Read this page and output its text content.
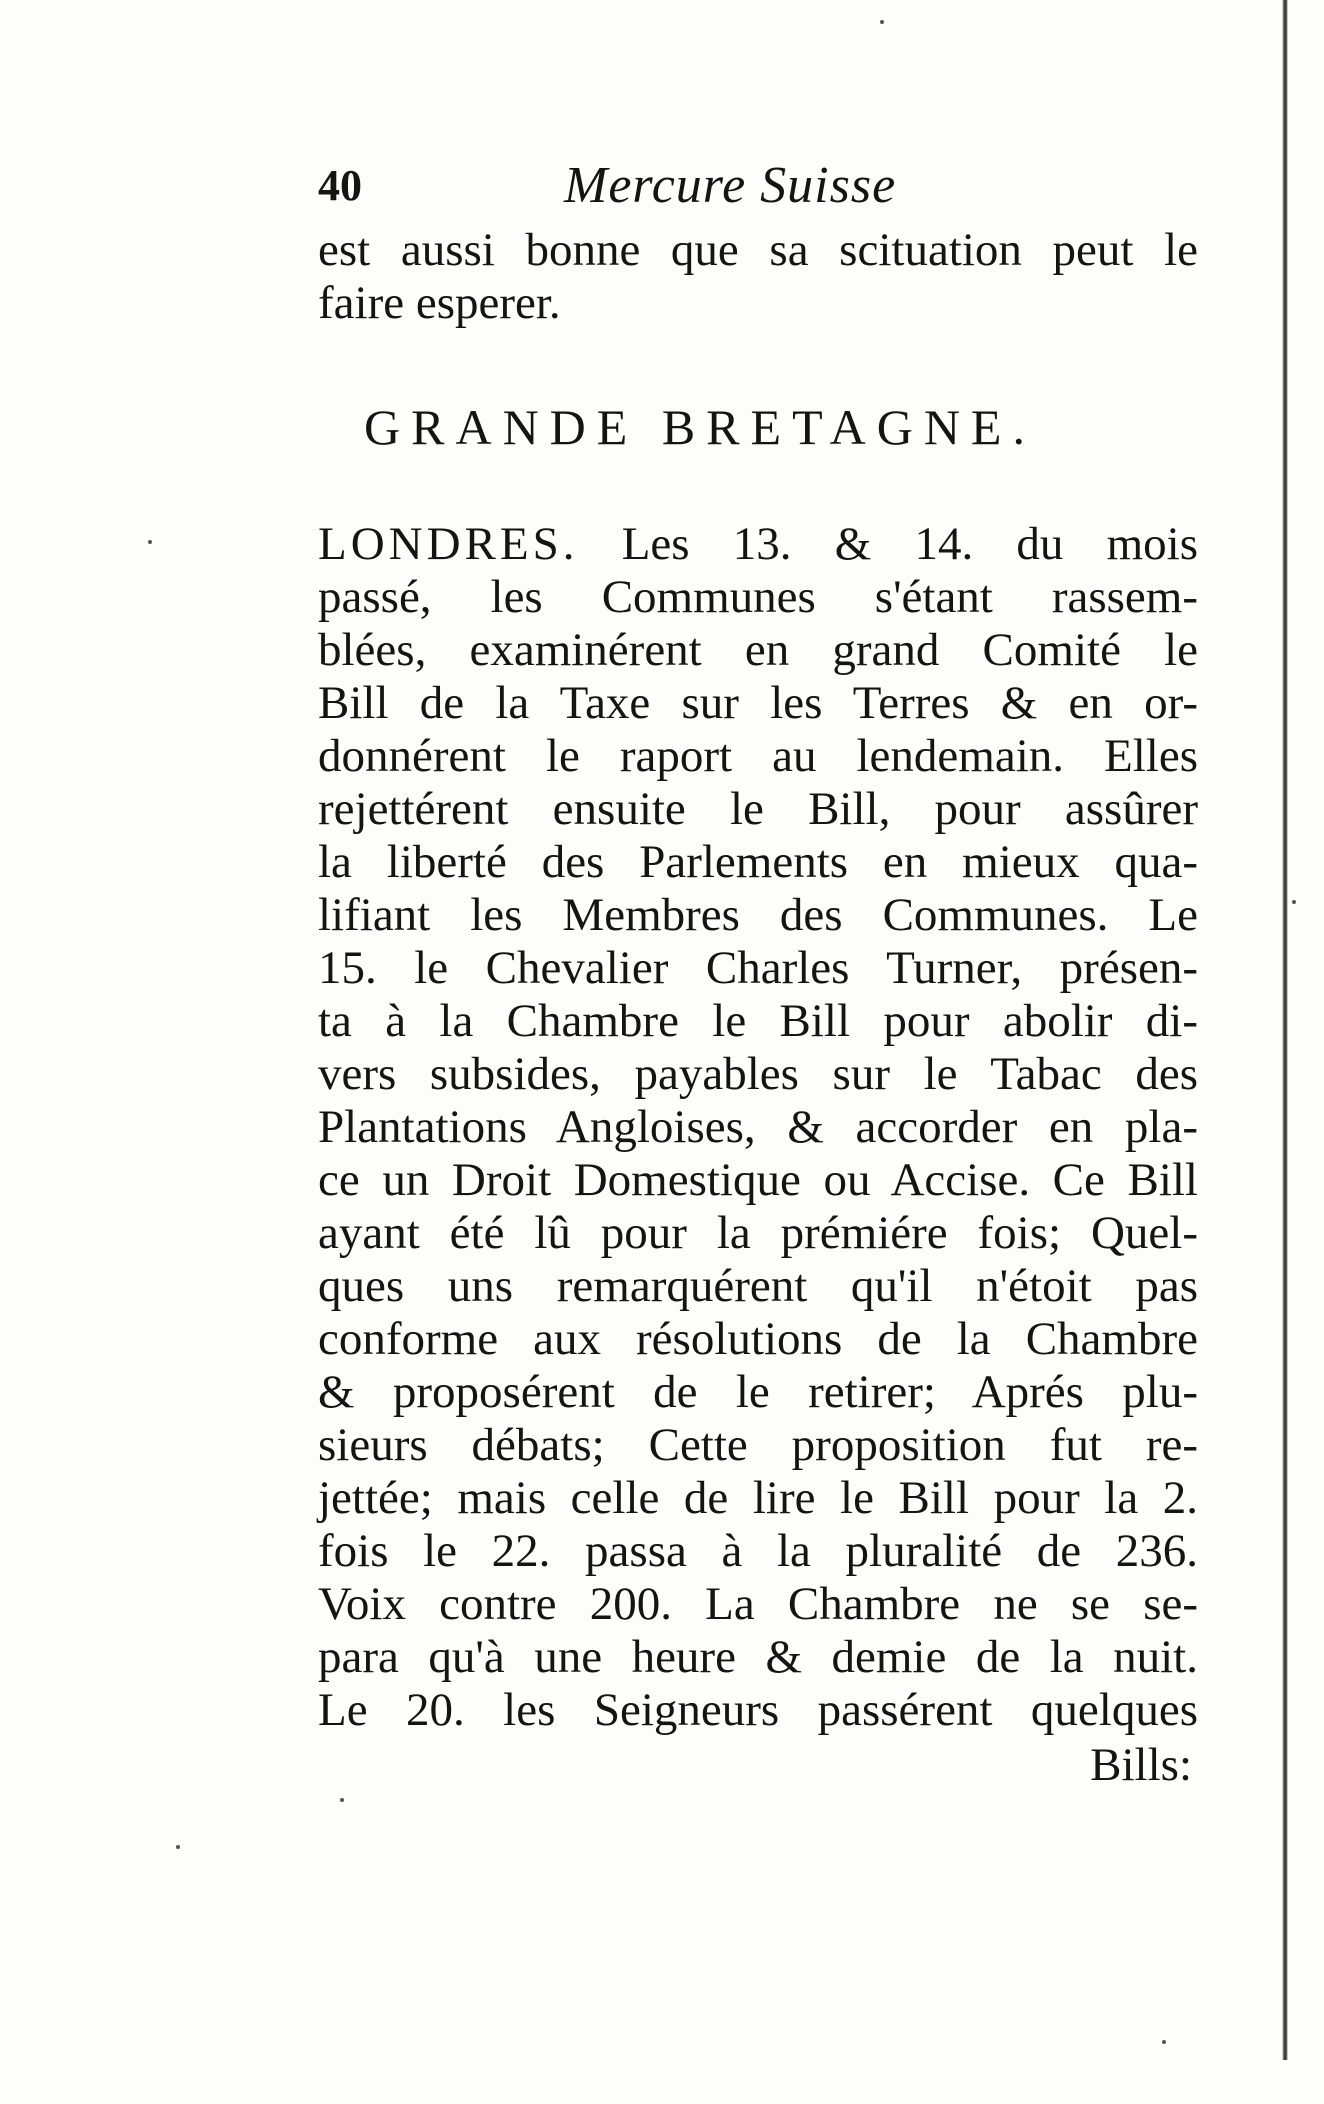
40	Mercure Suisse

est aussi bonne que sa scituation peut le
faire esperer.

GRANDE BRETAGNE.

LONDRES. Les 13. & 14. du mois
passé, les Communes s'étant rassem-
blées, examinérent en grand Comité le
Bill de la Taxe sur les Terres & en or-
donnérent le raport au lendemain. Elles
rejettérent ensuite le Bill, pour assûrer
la liberté des Parlements en mieux qua-
lifiant les Membres des Communes. Le
15. le Chevalier Charles Turner, présen-
ta à la Chambre le Bill pour abolir di-
vers subsides, payables sur le Tabac des
Plantations Angloises, & accorder en pla-
ce un Droit Domestique ou Accise. Ce Bill
ayant été lû pour la prémiére fois; Quel-
ques uns remarquérent qu'il n'étoit pas
conforme aux résolutions de la Chambre
& proposérent de le retirer; Aprés plu-
sieurs débats; Cette proposition fut re-
jettée; mais celle de lire le Bill pour la 2.
fois le 22. passa à la pluralité de 236.
Voix contre 200. La Chambre ne se se-
para qu'à une heure & demie de la nuit.
Le 20. les Seigneurs passérent quelques

Bills:
